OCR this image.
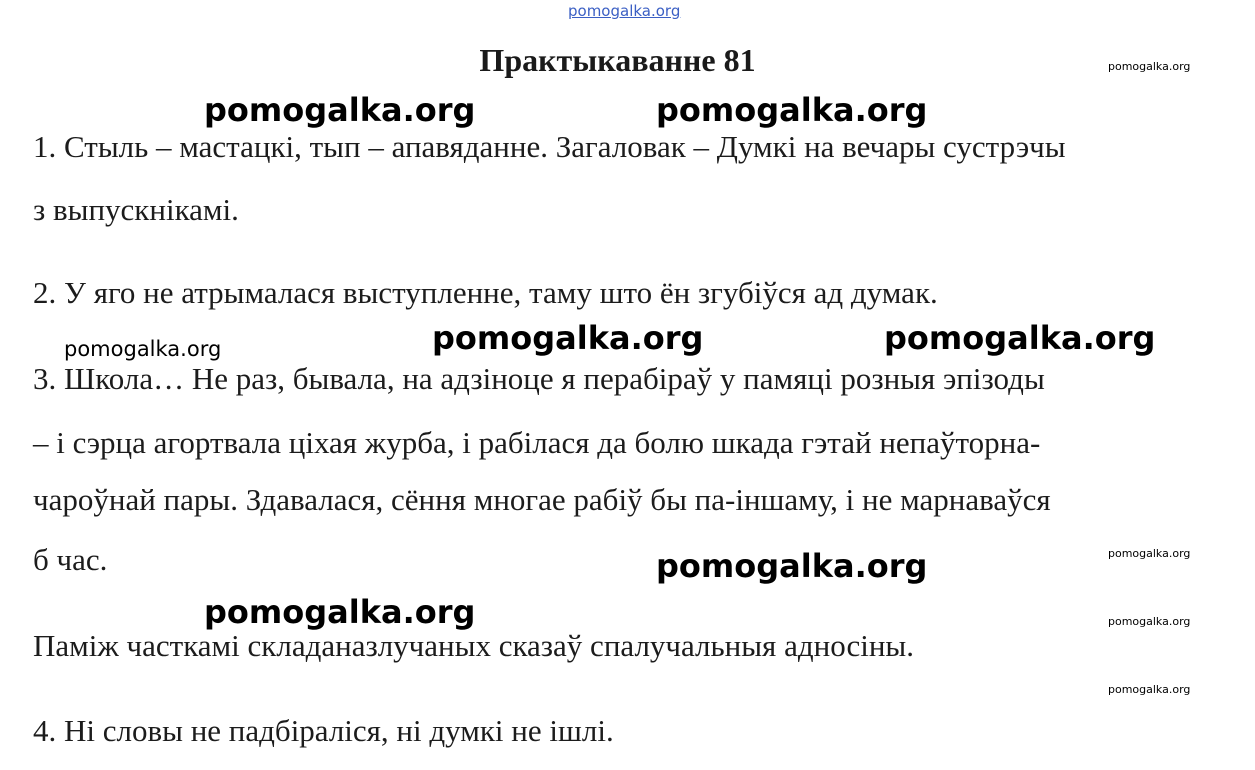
pomogalka.org
Практыкаванне 81
1. Стыль – мастацкі, тып – апавяданне. Загаловак – Думкі на вечары сустрэчы
з выпускнікамі.
2. У яго не атрымалася выступленне, таму што ён згубіўся ад думак.
3. Школа… Не раз, бывала, на адзіноце я перабіраў у памяці розныя эпізоды
– і сэрца агортвала ціхая журба, і рабілася да болю шкада гэтай непаўторна-
чароўнай пары. Здавалася, сёння многае рабіў бы па-іншаму, і не марнаваўся
б час.
Паміж часткамі складаназлучаных сказаў спалучальныя адносіны.
4. Ні словы не падбіраліся, ні думкі не ішлі.
pomogalka.org	pomogalka.org
pomogalka.org	pomogalka.org
pomogalka.org
pomogalka.org
pomogalka.org
pomogalka.org
pomogalka.org
pomogalka.org
pomogalka.org
